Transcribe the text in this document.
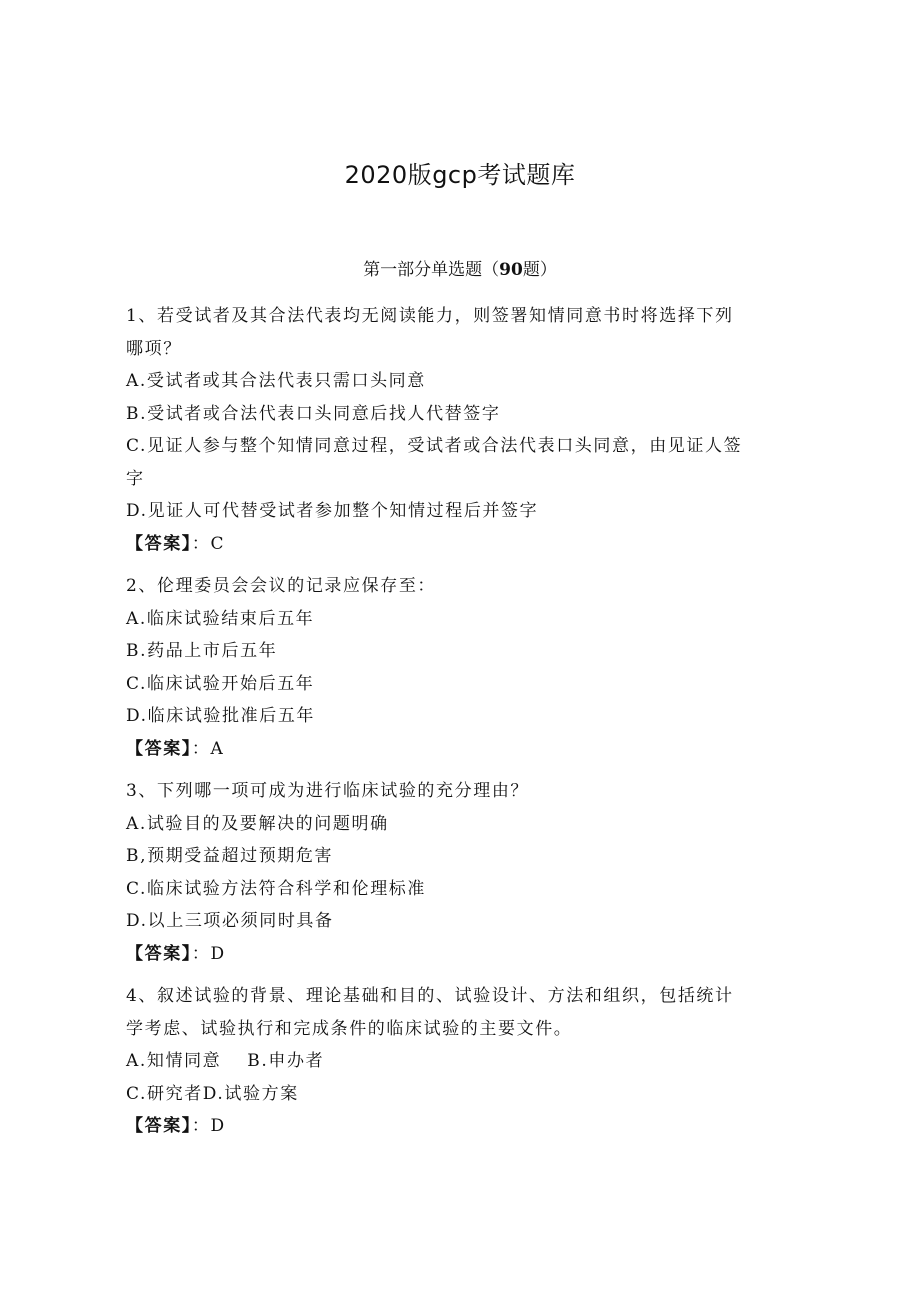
2020版gcp考试题库
第一部分单选题（90题）
1、若受试者及其合法代表均无阅读能力，则签署知情同意书时将选择下列
哪项？
A.受试者或其合法代表只需口头同意
B.受试者或合法代表口头同意后找人代替签字
C.见证人参与整个知情同意过程，受试者或合法代表口头同意，由见证人签
字
D.见证人可代替受试者参加整个知情过程后并签字
【答案】：C
2、伦理委员会会议的记录应保存至：
A.临床试验结束后五年
B.药品上市后五年
C.临床试验开始后五年
D.临床试验批准后五年
【答案】：A
3、下列哪一项可成为进行临床试验的充分理由？
A.试验目的及要解决的问题明确
B,预期受益超过预期危害
C.临床试验方法符合科学和伦理标准
D.以上三项必须同时具备
【答案】：D
4、叙述试验的背景、理论基础和目的、试验设计、方法和组织，包括统计
学考虑、试验执行和完成条件的临床试验的主要文件。
A.知情同意 B.申办者
C.研究者D.试验方案
【答案】：D
